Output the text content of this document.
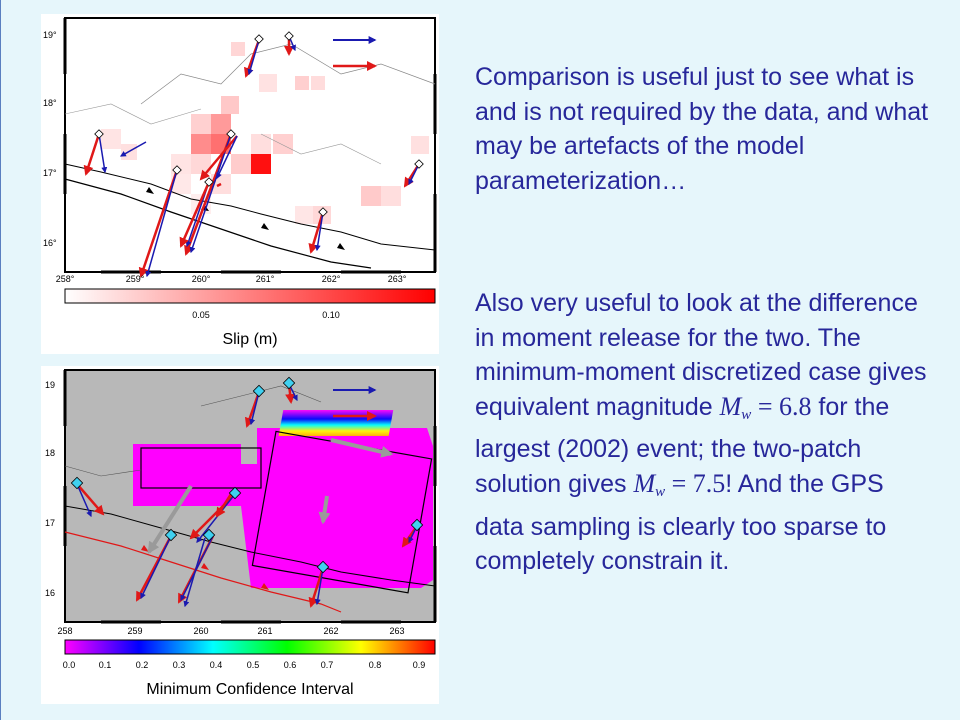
19°
18°
17°
16°
258°	259°	260°	261°	262°	263°
0.05	0.10
Slip (m)
19
18
17
16
258	259	260	261	262	263
0.0	0.1	0.2	0.3	0.4	0.5	0.6	0.7	0.8	0.9
Minimum Confidence Interval

Comparison is useful just to see what is and is not required by the data, and what may be artefacts of the model parameterization…

Also very useful to look at the difference in moment release for the two. The minimum-moment discretized case gives equivalent magnitude $M_w = 6.8$ for the largest (2002) event; the two-patch solution gives $M_w = 7.5$! And the GPS data sampling is clearly too sparse to completely constrain it.
